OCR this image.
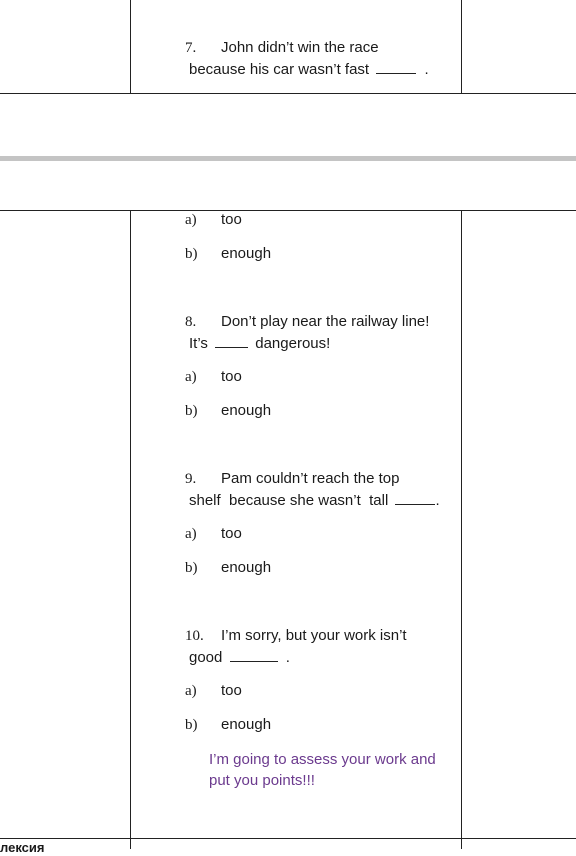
7. John didn’t win the race
because his car wasn’t fast	.
a) too
b) enough
8. Don’t play near the railway line!
It’s	dangerous!
a) too
b) enough
9. Pam couldn’t reach the top
shelf  because she wasn’t  tall	.
a) too
b) enough
10. I’m sorry, but your work isn’t
good	.
a) too
b) enough
I’m going to assess your work and
put you points!!!
лексия
